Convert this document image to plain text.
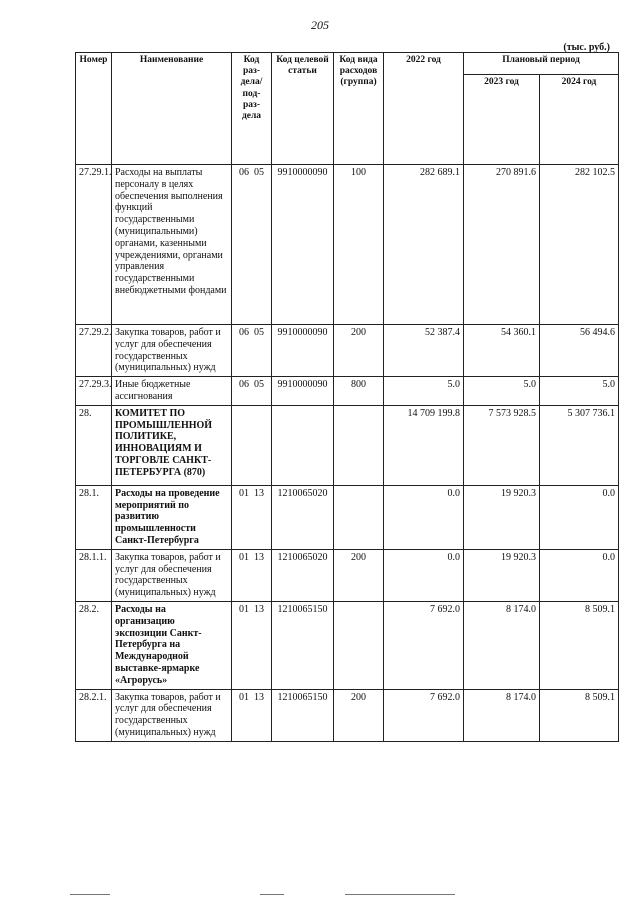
205
(тыс. руб.)
Номер	Наименование	Код раз-дела/ под-раз-дела	Код целевой статьи	Код вида расходов (группа)	2022 год	Плановый период	
						2023 год	2024 год
27.29.1.	Расходы на выплаты персоналу в целях обеспечения выполнения функций государственными (муниципальными) органами, казенными учреждениями, органами управления государственными внебюджетными фондами	06 05	9910000090	100	282 689.1	270 891.6	282 102.5
27.29.2.	Закупка товаров, работ и услуг для обеспечения государственных (муниципальных) нужд	06 05	9910000090	200	52 387.4	54 360.1	56 494.6
27.29.3.	Иные бюджетные ассигнования	06 05	9910000090	800	5.0	5.0	5.0
28.	КОМИТЕТ ПО ПРОМЫШЛЕННОЙ ПОЛИТИКЕ, ИННОВАЦИЯМ И ТОРГОВЛЕ САНКТ-ПЕТЕРБУРГА (870)				14 709 199.8	7 573 928.5	5 307 736.1
28.1.	Расходы на проведение мероприятий по развитию промышленности Санкт-Петербурга	01 13	1210065020		0.0	19 920.3	0.0
28.1.1.	Закупка товаров, работ и услуг для обеспечения государственных (муниципальных) нужд	01 13	1210065020	200	0.0	19 920.3	0.0
28.2.	Расходы на организацию экспозиции Санкт-Петербурга на Международной выставке-ярмарке «Агрорусь»	01 13	1210065150		7 692.0	8 174.0	8 509.1
28.2.1.	Закупка товаров, работ и услуг для обеспечения государственных (муниципальных) нужд	01 13	1210065150	200	7 692.0	8 174.0	8 509.1
